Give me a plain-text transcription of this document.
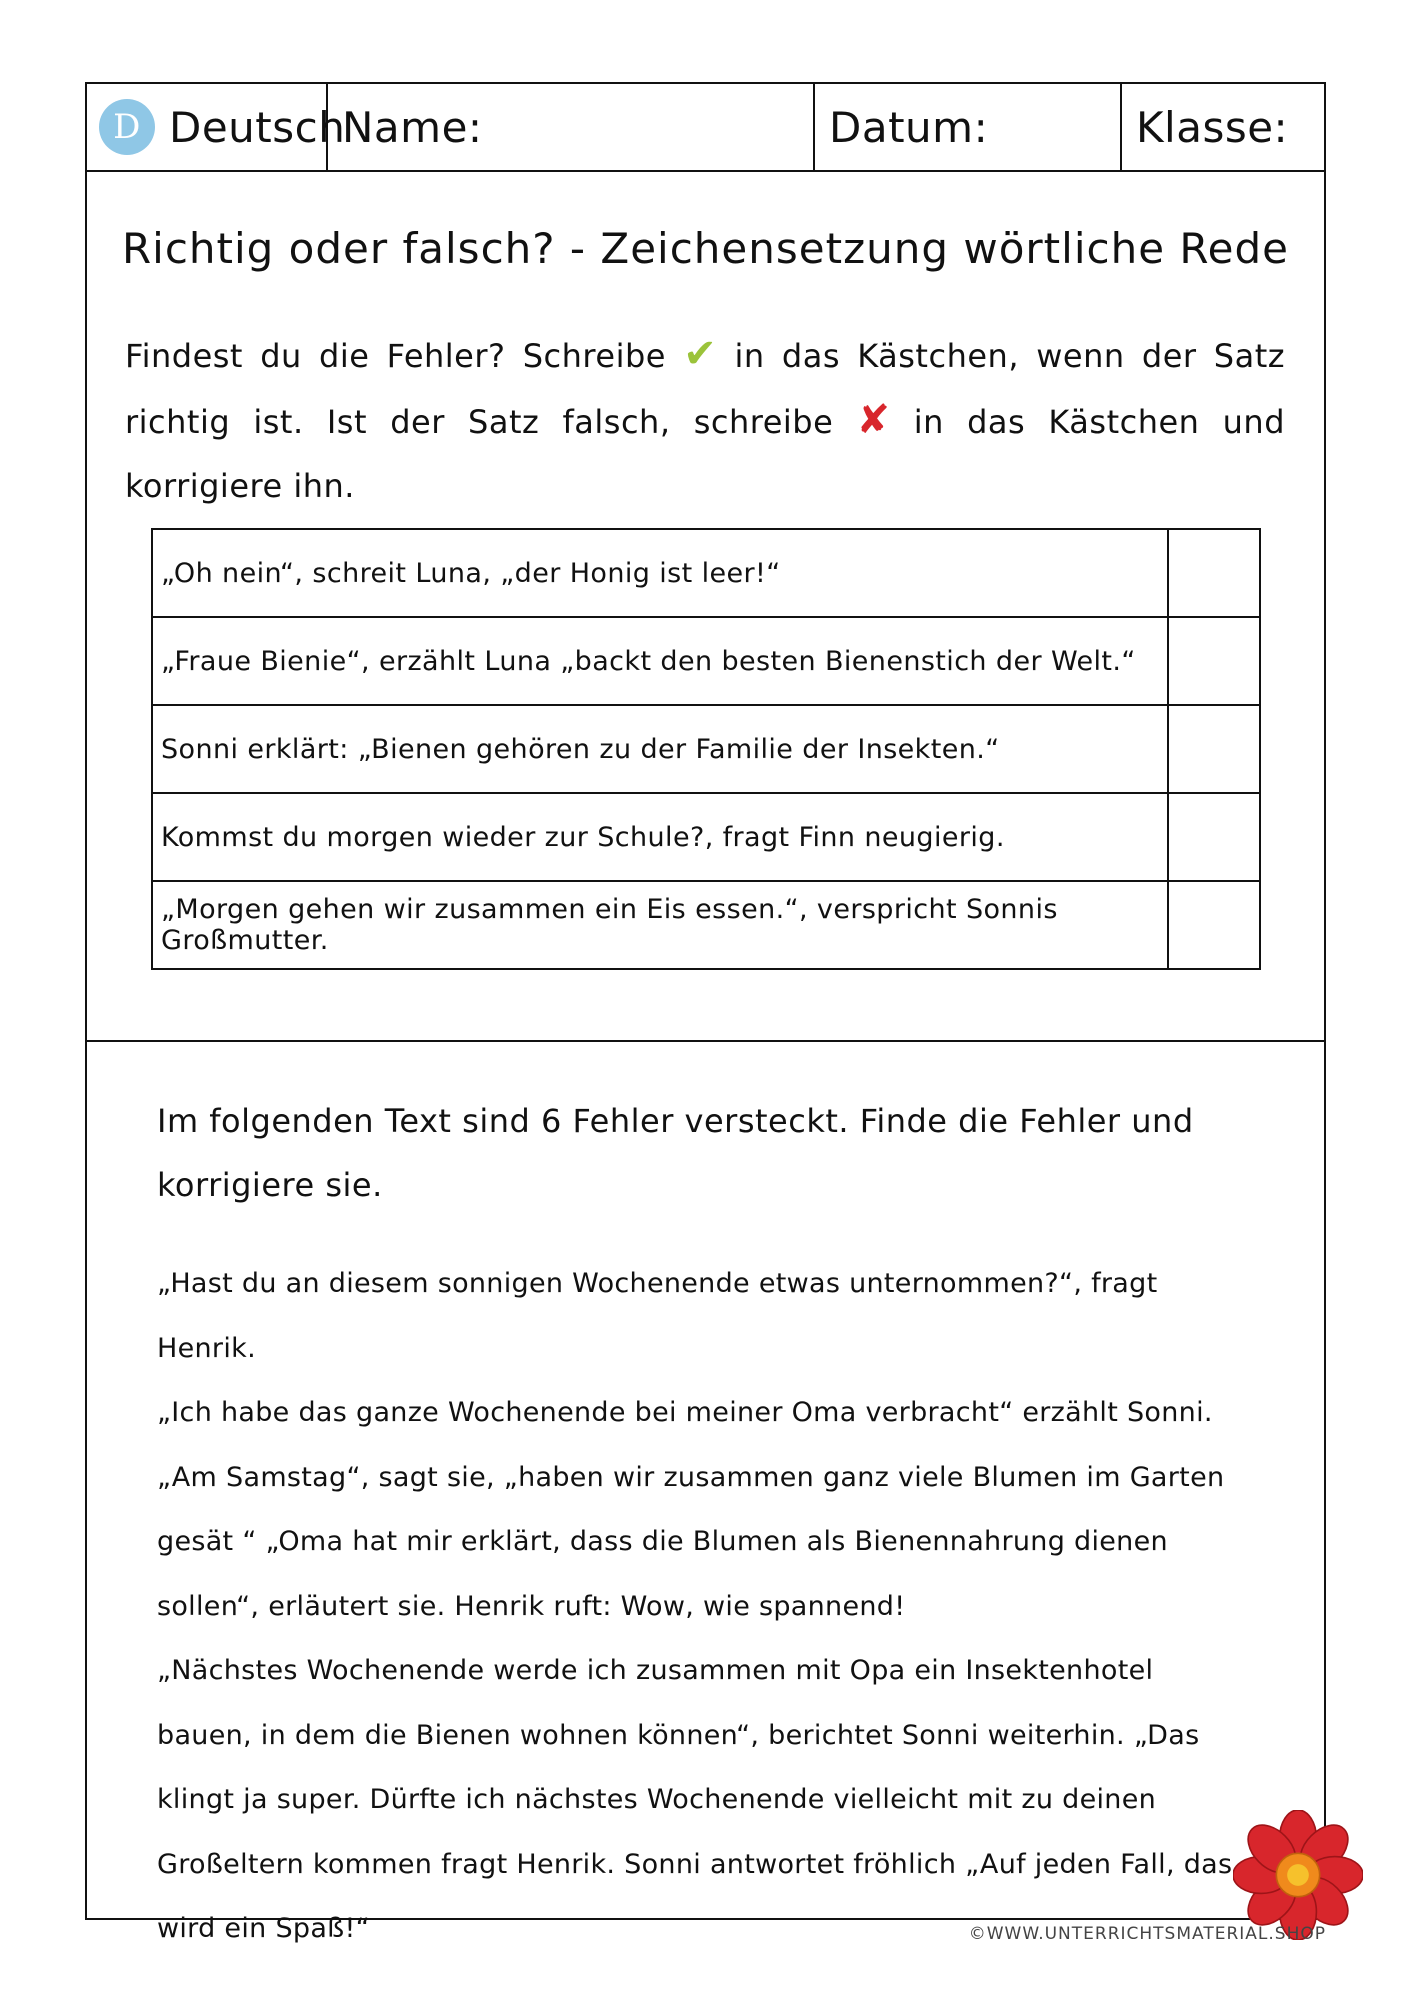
D Deutsch
Name:	Datum:	Klasse:
Richtig oder falsch? - Zeichensetzung wörtliche Rede
Findest du die Fehler? Schreibe ✔ in das Kästchen, wenn der Satz richtig ist. Ist der Satz falsch, schreibe ✘ in das Kästchen und korrigiere ihn.
„Oh nein“, schreit Luna, „der Honig ist leer!“	
„Fraue Bienie“, erzählt Luna „backt den besten Bienenstich der Welt.“	
Sonni erklärt: „Bienen gehören zu der Familie der Insekten.“	
Kommst du morgen wieder zur Schule?, fragt Finn neugierig.	
„Morgen gehen wir zusammen ein Eis essen.“, verspricht Sonnis Großmutter.	
Im folgenden Text sind 6 Fehler versteckt. Finde die Fehler und korrigiere sie.

„Hast du an diesem sonnigen Wochenende etwas unternommen?“, fragt Henrik.

„Ich habe das ganze Wochenende bei meiner Oma verbracht“ erzählt Sonni. „Am Samstag“, sagt sie, „haben wir zusammen ganz viele Blumen im Garten gesät “ „Oma hat mir erklärt, dass die Blumen als Bienennahrung dienen sollen“, erläutert sie. Henrik ruft: Wow, wie spannend!

„Nächstes Wochenende werde ich zusammen mit Opa ein Insektenhotel bauen, in dem die Bienen wohnen können“, berichtet Sonni weiterhin. „Das klingt ja super. Dürfte ich nächstes Wochenende vielleicht mit zu deinen Großeltern kommen fragt Henrik. Sonni antwortet fröhlich „Auf jeden Fall, das wird ein Spaß!“	©WWW.UNTERRICHTSMATERIAL.SHOP
